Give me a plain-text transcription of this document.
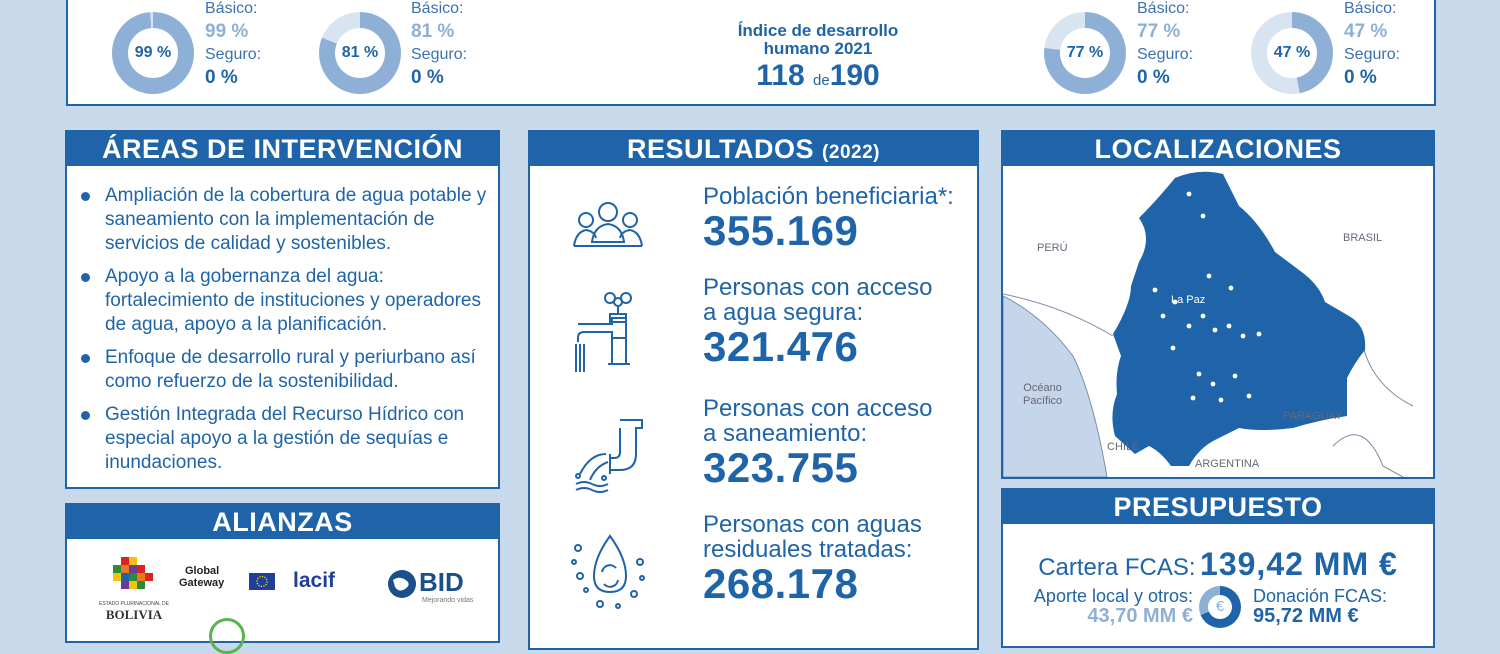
99 %
Básico:
99 %
Seguro:
0 %
81 %
Básico:
81 %
Seguro:
0 %
Índice de desarrollo
humano 2021
118 de190
77 %
Básico:
77 %
Seguro:
0 %
47 %
Básico:
47 %
Seguro:
0 %
ÁREAS DE INTERVENCIÓN
Ampliación de la cobertura de agua potable y saneamiento con la implementación de servicios de calidad y sostenibles.
Apoyo a la gobernanza del agua: fortalecimiento de instituciones y operadores de agua, apoyo a la planificación.
Enfoque de desarrollo rural y periurbano así como refuerzo de la sostenibilidad.
Gestión Integrada del Recurso Hídrico con especial apoyo a la gestión de sequías e inundaciones.
ALIANZAS
ESTADO PLURINACIONAL DE
BOLIVIA
Global
Gateway	lacif	BID
Mejorando vidas
RESULTADOS (2022)
Población beneficiaria*:
355.169
Personas con acceso
a agua segura:
321.476
Personas con acceso
a saneamiento:
323.755
Personas con aguas
residuales tratadas:
268.178
LOCALIZACIONES
PERÚ
BRASIL
La Paz
Océano
Pacífico
CHILE
PARAGUAY
ARGENTINA
PRESUPUESTO
Cartera FCAS: 139,42 MM €
Aporte local y otros:
43,70 MM €	€
Donación FCAS:
95,72 MM €
